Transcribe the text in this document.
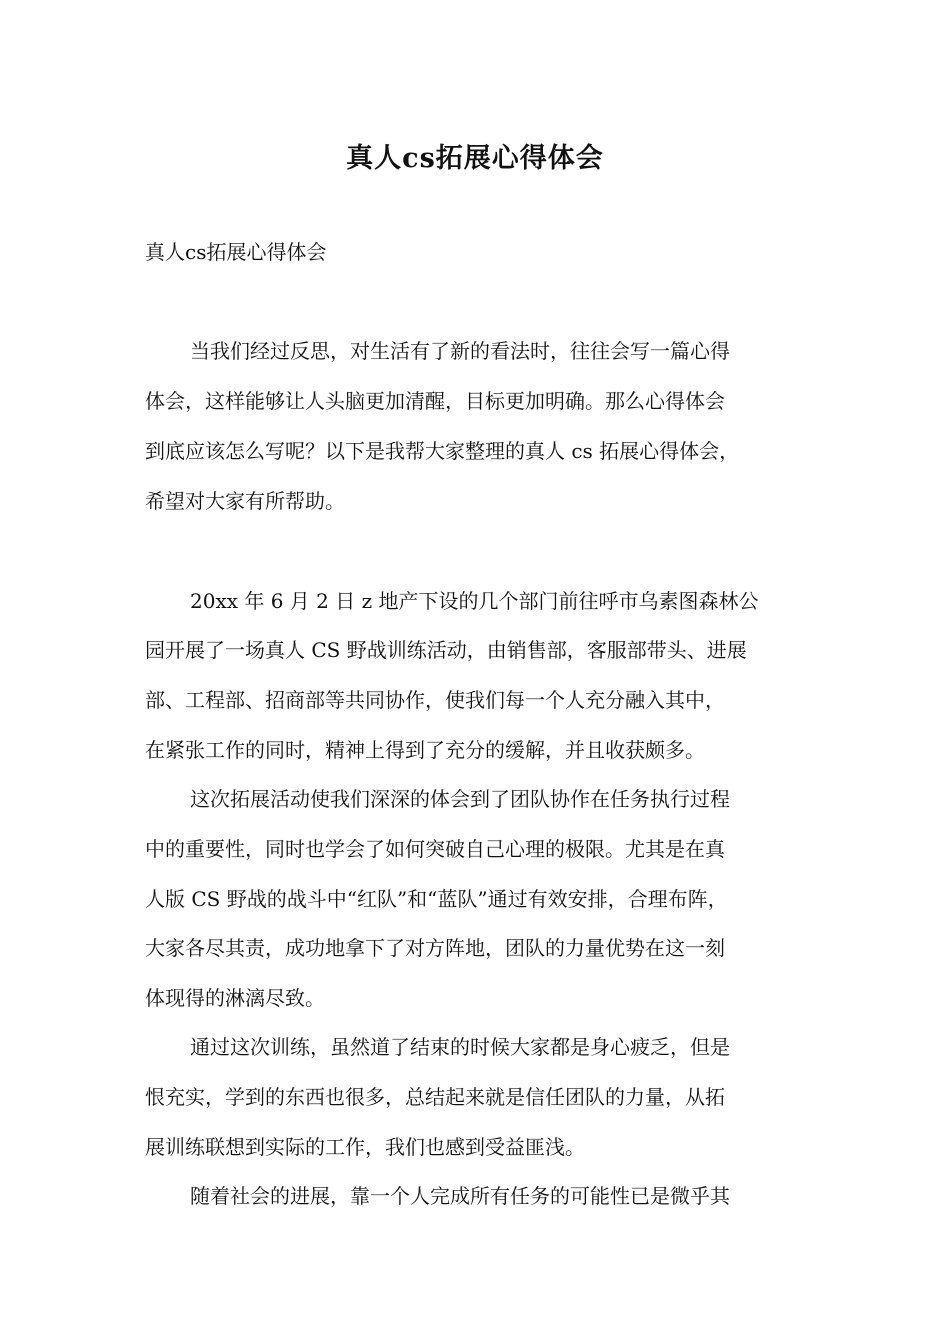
真人cs拓展心得体会

真人cs拓展心得体会

当我们经过反思，对生活有了新的看法时，往往会写一篇心得
体会，这样能够让人头脑更加清醒，目标更加明确。那么心得体会
到底应该怎么写呢？以下是我帮大家整理的真人 cs 拓展心得体会，
希望对大家有所帮助。
20xx 年 6 月 2 日 z 地产下设的几个部门前往呼市乌素图森林公
园开展了一场真人 CS 野战训练活动，由销售部，客服部带头、进展
部、工程部、招商部等共同协作，使我们每一个人充分融入其中，
在紧张工作的同时，精神上得到了充分的缓解，并且收获颇多。
这次拓展活动使我们深深的体会到了团队协作在任务执行过程
中的重要性，同时也学会了如何突破自己心理的极限。尤其是在真
人版 CS 野战的战斗中“红队”和“蓝队”通过有效安排，合理布阵，
大家各尽其责，成功地拿下了对方阵地，团队的力量优势在这一刻
体现得的淋漓尽致。
通过这次训练，虽然道了结束的时候大家都是身心疲乏，但是
恨充实，学到的东西也很多，总结起来就是信任团队的力量，从拓
展训练联想到实际的工作，我们也感到受益匪浅。
随着社会的进展，靠一个人完成所有任务的可能性已是微乎其
